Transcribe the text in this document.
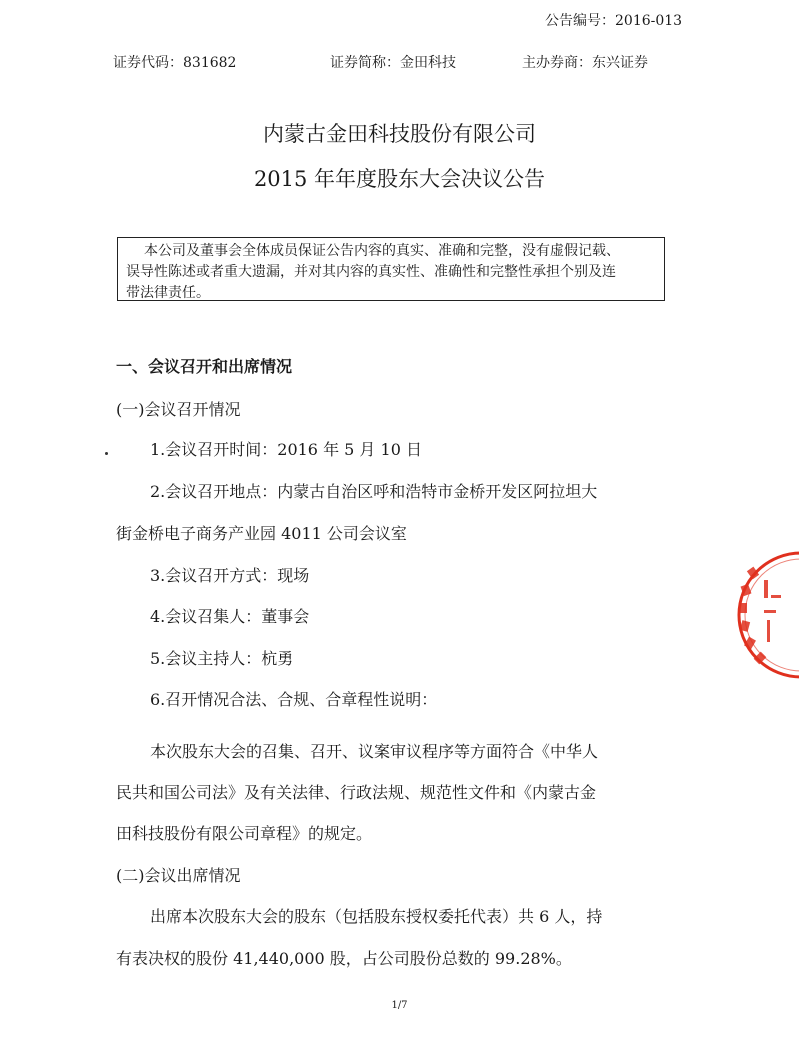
公告编号：2016-013
证券代码：831682	证券简称：金田科技	主办券商：东兴证券
内蒙古金田科技股份有限公司
2015 年年度股东大会决议公告
本公司及董事会全体成员保证公告内容的真实、准确和完整，没有虚假记载、
误导性陈述或者重大遗漏，并对其内容的真实性、准确性和完整性承担个别及连
带法律责任。
一、会议召开和出席情况
(一)会议召开情况
1.会议召开时间：2016 年 5 月 10 日
2.会议召开地点：内蒙古自治区呼和浩特市金桥开发区阿拉坦大
街金桥电子商务产业园 4011 公司会议室
3.会议召开方式：现场
4.会议召集人：董事会
5.会议主持人：杭勇
6.召开情况合法、合规、合章程性说明：
本次股东大会的召集、召开、议案审议程序等方面符合《中华人
民共和国公司法》及有关法律、行政法规、规范性文件和《内蒙古金
田科技股份有限公司章程》的规定。
(二)会议出席情况
出席本次股东大会的股东（包括股东授权委托代表）共 6 人，持
有表决权的股份 41,440,000 股，占公司股份总数的 99.28%。
1/7
